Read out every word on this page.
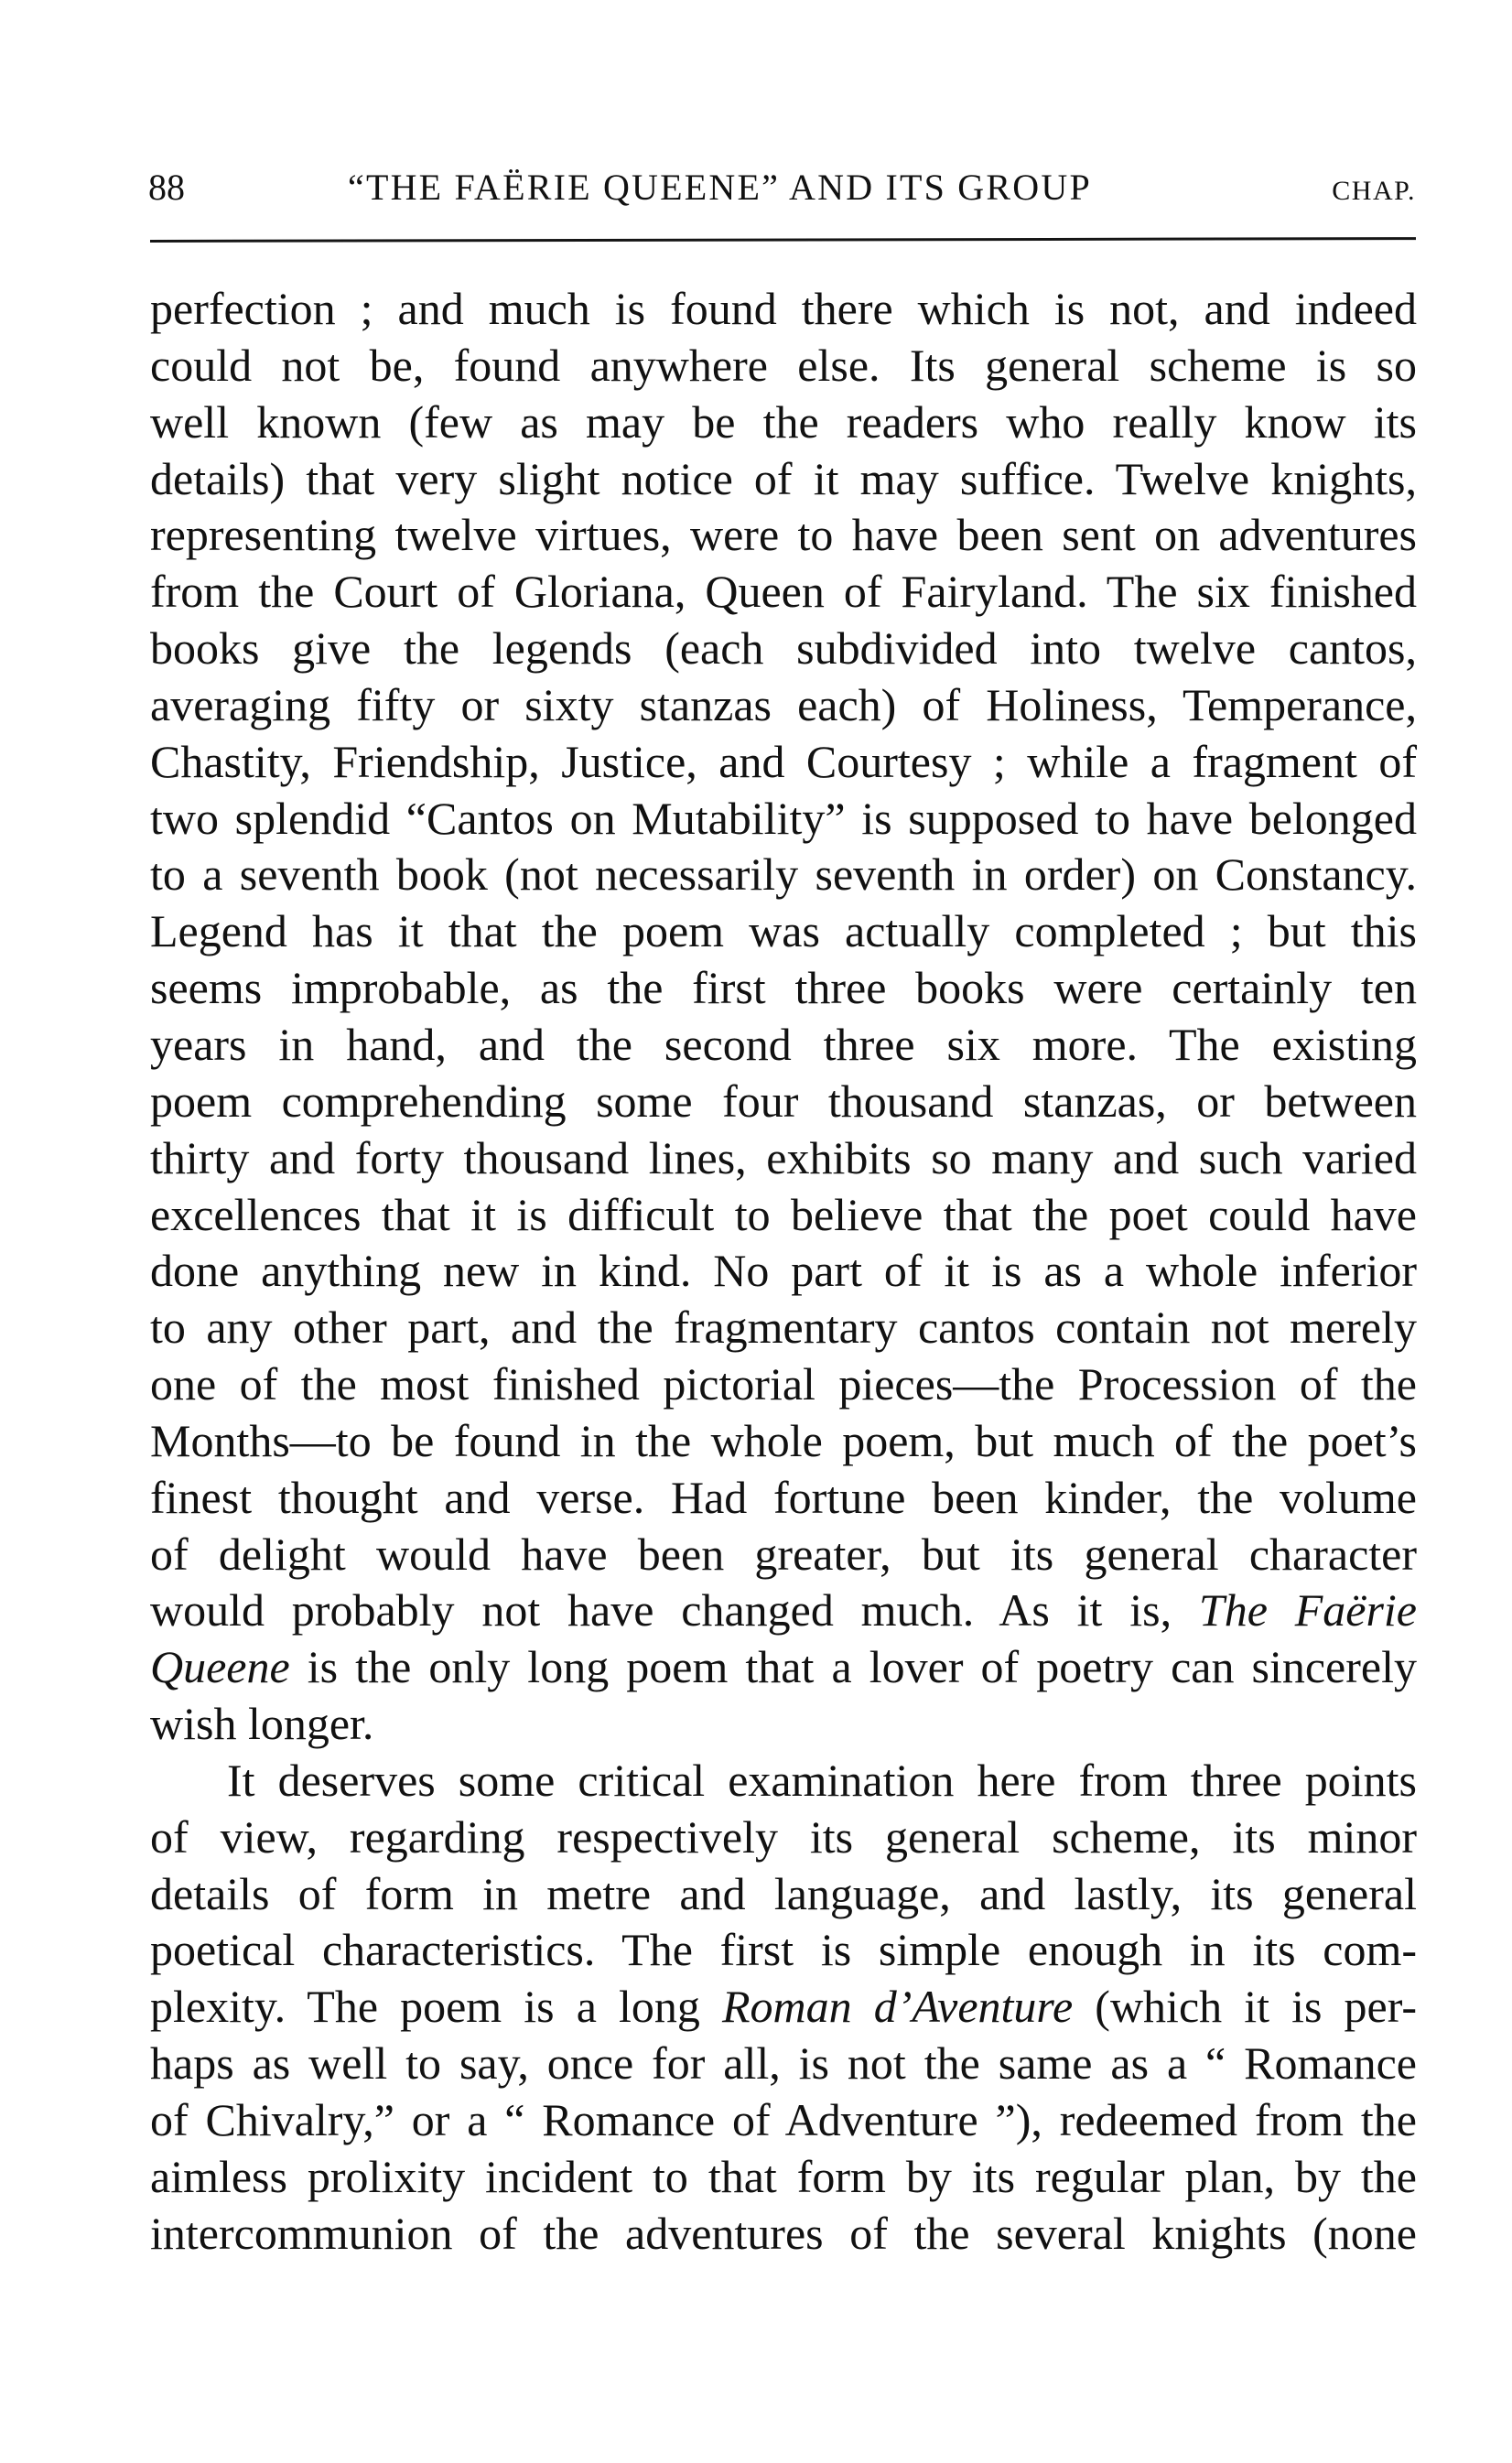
88	“THE FAËRIE QUEENE” AND ITS GROUP	CHAP.
perfection ; and much is found there which is not, and indeed
could not be, found anywhere else. Its general scheme is so
well known (few as may be the readers who really know its
details) that very slight notice of it may suffice. Twelve knights,
representing twelve virtues, were to have been sent on adventures
from the Court of Gloriana, Queen of Fairyland. The six finished
books give the legends (each subdivided into twelve cantos,
averaging fifty or sixty stanzas each) of Holiness, Temperance,
Chastity, Friendship, Justice, and Courtesy ; while a fragment of
two splendid “Cantos on Mutability” is supposed to have belonged
to a seventh book (not necessarily seventh in order) on Constancy.
Legend has it that the poem was actually completed ; but this
seems improbable, as the first three books were certainly ten
years in hand, and the second three six more. The existing
poem comprehending some four thousand stanzas, or between
thirty and forty thousand lines, exhibits so many and such varied
excellences that it is difficult to believe that the poet could have
done anything new in kind. No part of it is as a whole inferior
to any other part, and the fragmentary cantos contain not merely
one of the most finished pictorial pieces—the Procession of the
Months—to be found in the whole poem, but much of the poet’s
finest thought and verse. Had fortune been kinder, the volume
of delight would have been greater, but its general character
would probably not have changed much. As it is, The Faërie
Queene is the only long poem that a lover of poetry can sincerely
wish longer.
It deserves some critical examination here from three points
of view, regarding respectively its general scheme, its minor
details of form in metre and language, and lastly, its general
poetical characteristics. The first is simple enough in its com-
plexity. The poem is a long Roman d’Aventure (which it is per-
haps as well to say, once for all, is not the same as a “ Romance
of Chivalry,” or a “ Romance of Adventure ”), redeemed from the
aimless prolixity incident to that form by its regular plan, by the
intercommunion of the adventures of the several knights (none
